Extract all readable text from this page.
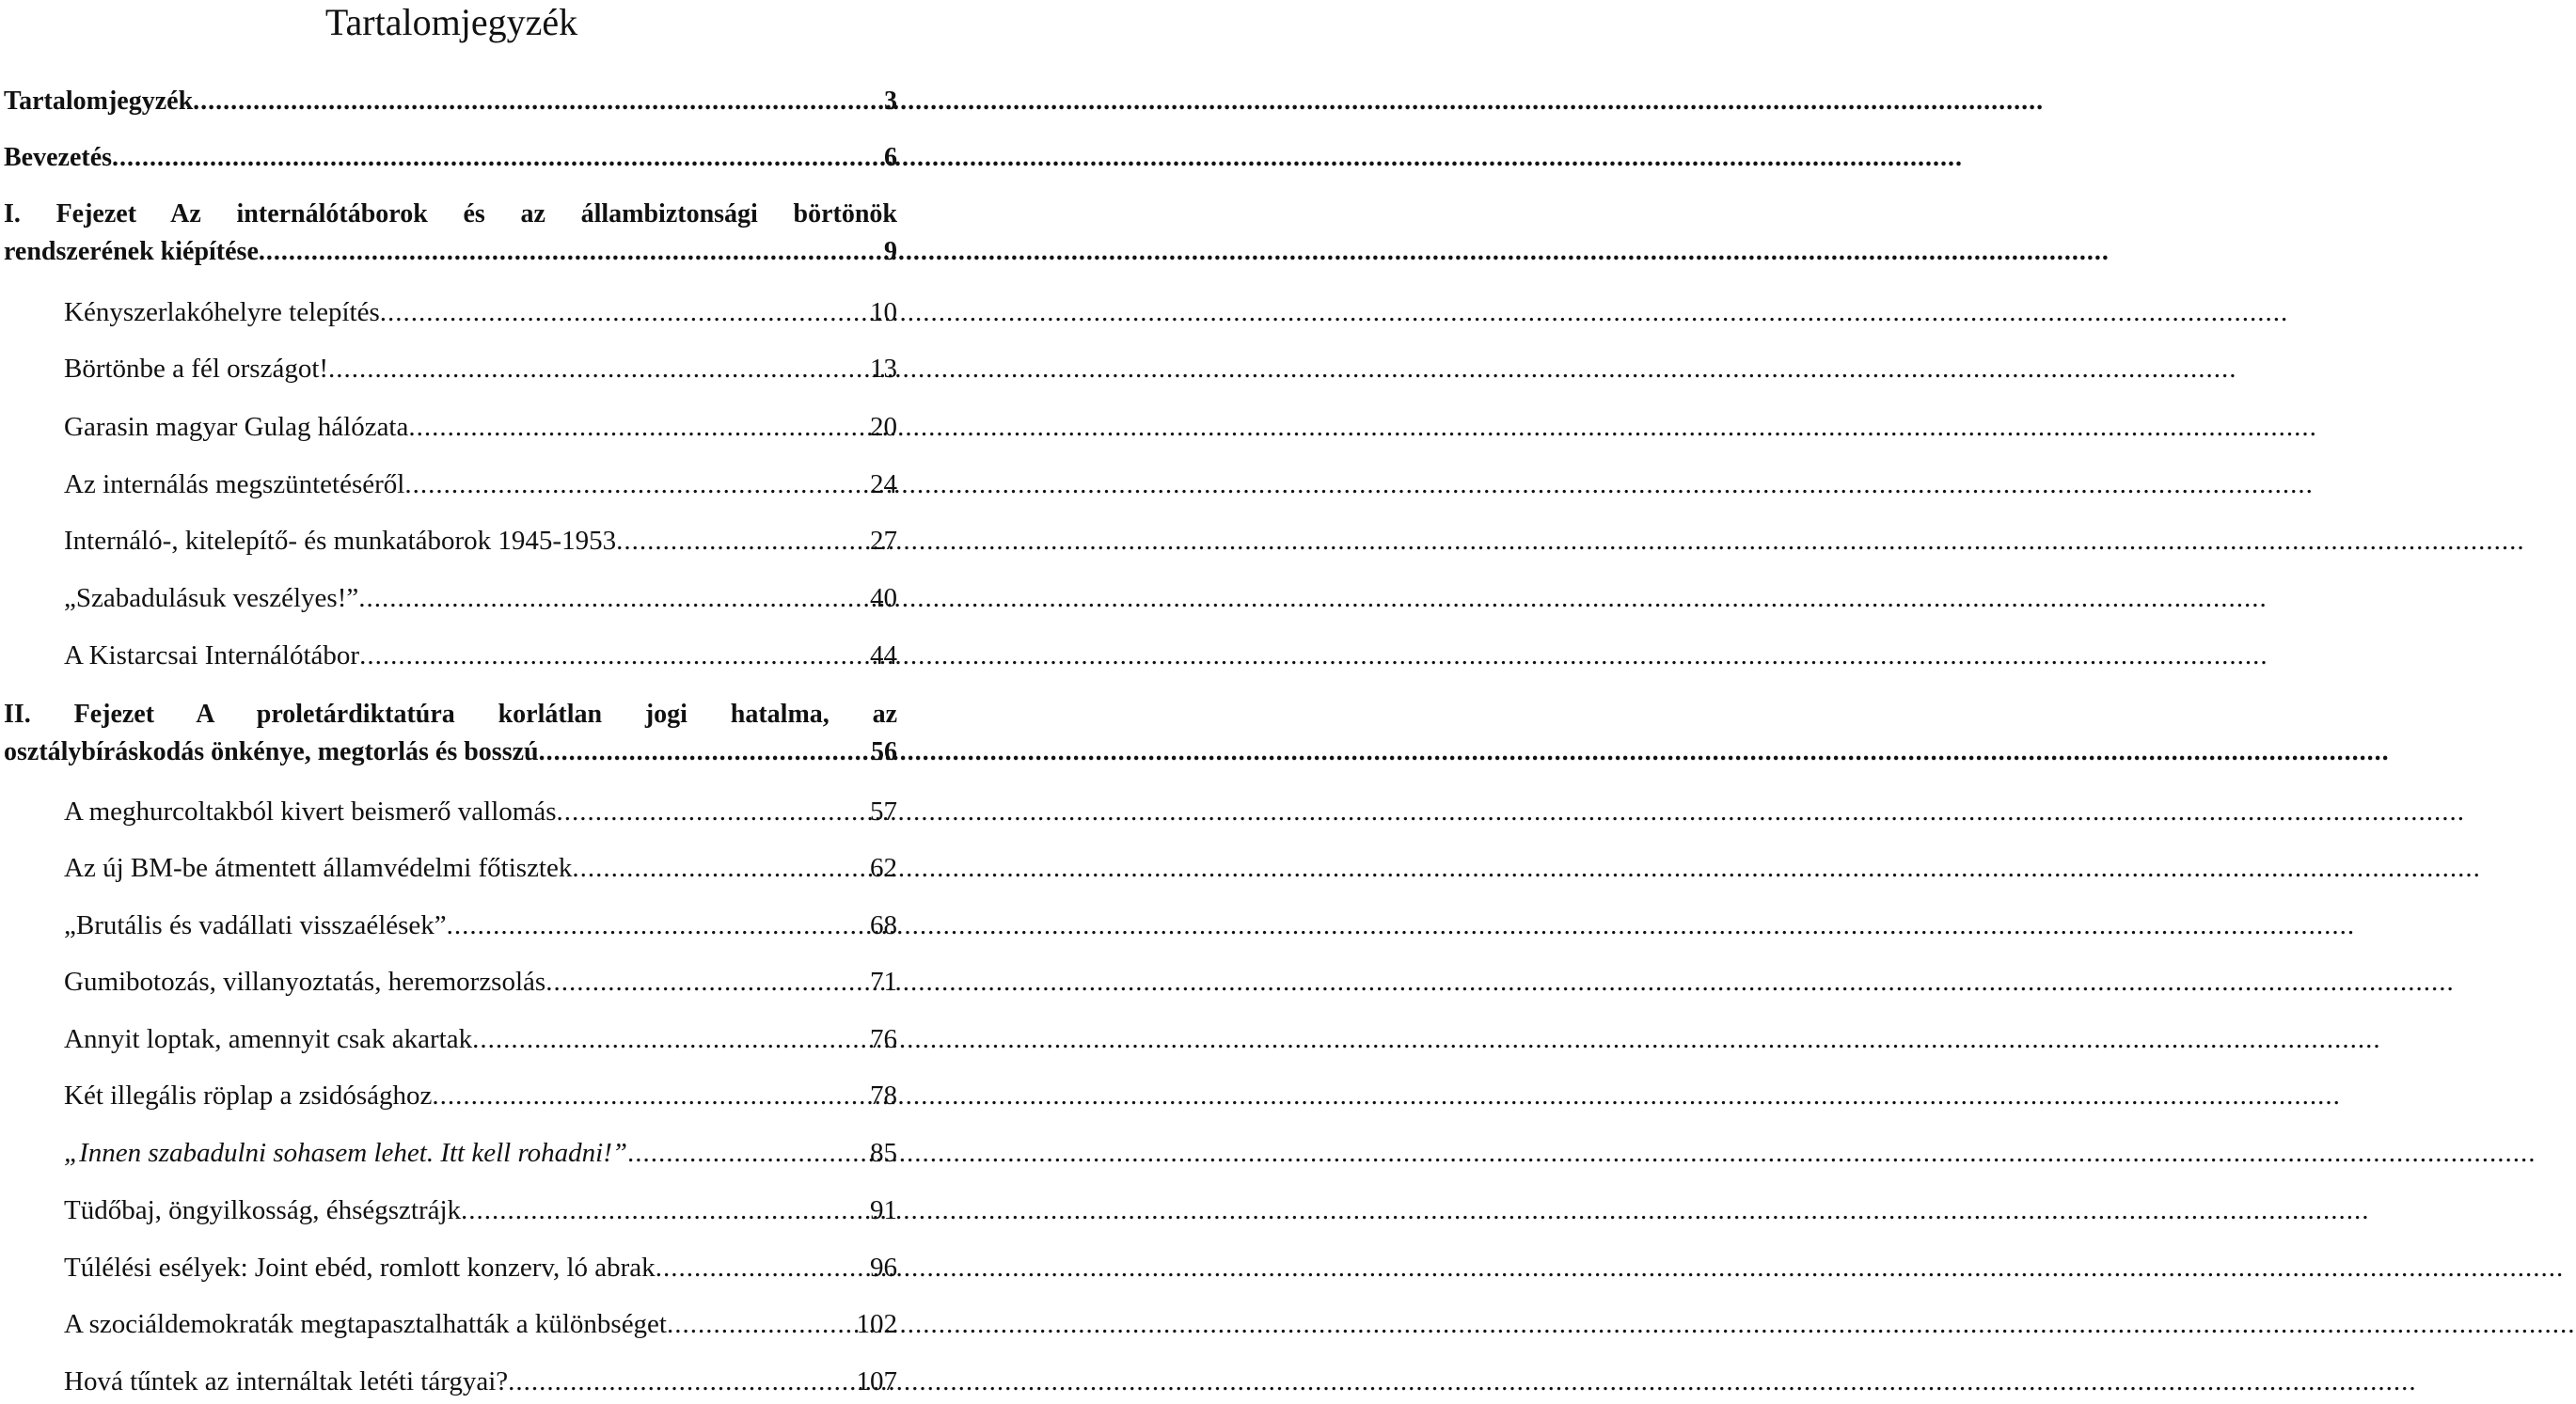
Tartalomjegyzék
Tartalomjegyzék .....	3
Bevezetés .....	6
I. Fejezet Az internálótáborok és az állambiztonsági börtönök
rendszerének kiépítése .....	9
Kényszerlakóhelyre telepítés .....	10
Börtönbe a fél országot! .....	13
Garasin magyar Gulag hálózata .....	20
Az internálás megszüntetéséről .....	24
Internáló-, kitelepítő- és munkatáborok 1945-1953 .....	27
„Szabadulásuk veszélyes!” .....	40
A Kistarcsai Internálótábor .....	44
II. Fejezet A proletárdiktatúra korlátlan jogi hatalma, az
osztálybíráskodás önkénye, megtorlás és bosszú .....	56
A meghurcoltakból kivert beismerő vallomás .....	57
Az új BM-be átmentett államvédelmi főtisztek .....	62
„Brutális és vadállati visszaélések” .....	68
Gumibotozás, villanyoztatás, heremorzsolás .....	71
Annyit loptak, amennyit csak akartak .....	76
Két illegális röplap a zsidósághoz .....	78
„Innen szabadulni sohasem lehet. Itt kell rohadni!” .....	85
Tüdőbaj, öngyilkosság, éhségsztrájk .....	91
Túlélési esélyek: Joint ebéd, romlott konzerv, ló abrak .....	96
A szociáldemokraták megtapasztalhatták a különbséget .....	102
Hová tűntek az internáltak letéti tárgyai? .....	107
